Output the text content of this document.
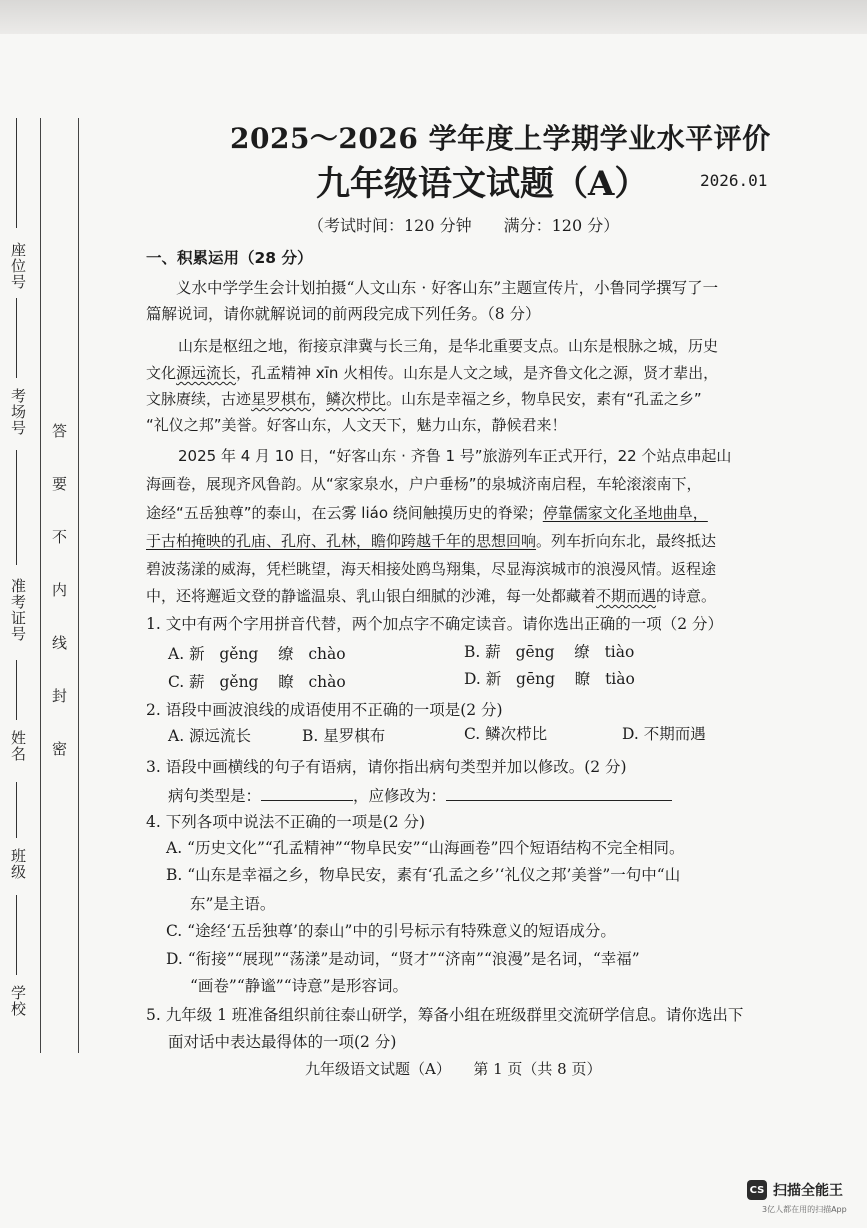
座位号
考场号
准考证号
姓名
班级
学校
密
封
线
内
不
要
答
2025～2026 学年度上学期学业水平评价
九年级语文试题（A）	2026.01
（考试时间：120 分钟　　满分：120 分）
一、积累运用（28 分）
义水中学学生会计划拍摄“人文山东 · 好客山东”主题宣传片，小鲁同学撰写了一
篇解说词，请你就解说词的前两段完成下列任务。（8 分）
山东是枢纽之地，衔接京津冀与长三角，是华北重要支点。山东是根脉之城，历史
文化源远流长，孔孟精神 xīn 火相传。山东是人文之域，是齐鲁文化之源，贤才辈出，
文脉赓续，古迹星罗棋布，鳞次栉比。山东是幸福之乡，物阜民安，素有“孔孟之乡”
“礼仪之邦”美誉。好客山东，人文天下，魅力山东，静候君来！
2025 年 4 月 10 日，“好客山东 · 齐鲁 1 号”旅游列车正式开行，22 个站点串起山
海画卷，展现齐风鲁韵。从“家家泉水，户户垂杨”的泉城济南启程，车轮滚滚南下，
途经“五岳独尊”的泰山，在云雾 liáo 绕间触摸历史的脊梁；停靠儒家文化圣地曲阜，
于古柏掩映的孔庙、孔府、孔林，瞻仰跨越千年的思想回响。列车折向东北，最终抵达
碧波荡漾的威海，凭栏眺望，海天相接处鸥鸟翔集，尽显海滨城市的浪漫风情。返程途
中，还将邂逅文登的静谧温泉、乳山银白细腻的沙滩，每一处都藏着不期而遇的诗意。
1. 文中有两个字用拼音代替，两个加点字不确定读音。请你选出正确的一项（2 分）
A. 新 gěng 缭 chào	B. 薪 gēng 缭 tiào
C. 薪 gěng 瞭 chào	D. 新 gēng 瞭 tiào
2. 语段中画波浪线的成语使用不正确的一项是(2 分)
A. 源远流长	B. 星罗棋布	C. 鳞次栉比	D. 不期而遇
3. 语段中画横线的句子有语病，请你指出病句类型并加以修改。(2 分)
病句类型是：	，应修改为：
4. 下列各项中说法不正确的一项是(2 分)
A. “历史文化”“孔孟精神”“物阜民安”“山海画卷”四个短语结构不完全相同。
B. “山东是幸福之乡，物阜民安，素有‘孔孟之乡’‘礼仪之邦’美誉”一句中“山
东”是主语。
C. “途经‘五岳独尊’的泰山”中的引号标示有特殊意义的短语成分。
D. “衔接”“展现”“荡漾”是动词，“贤才”“济南”“浪漫”是名词，“幸福”
“画卷”“静谧”“诗意”是形容词。
5. 九年级 1 班准备组织前往泰山研学，筹备小组在班级群里交流研学信息。请你选出下
面对话中表达最得体的一项(2 分)
九年级语文试题（A）　　第 1 页（共 8 页）
CS 扫描全能王
3亿人都在用的扫描App
